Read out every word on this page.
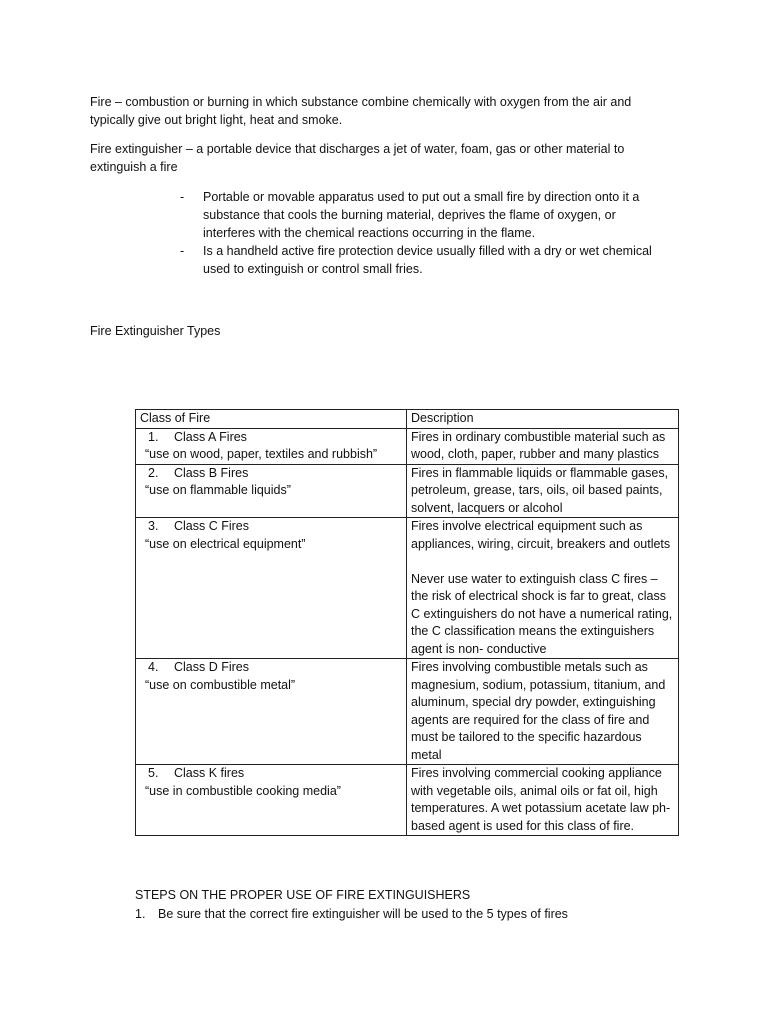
Fire – combustion or burning in which substance combine chemically with oxygen from the air and typically give out bright light, heat and smoke.

Fire extinguisher – a portable device that discharges a jet of water, foam, gas or other material to extinguish a fire

- Portable or movable apparatus used to put out a small fire by direction onto it a substance that cools the burning material, deprives the flame of oxygen, or interferes with the chemical reactions occurring in the flame.
- Is a handheld active fire protection device usually filled with a dry or wet chemical used to extinguish or control small fries.
Fire Extinguisher Types
Class of Fire	Description

1. Class A Fires
“use on wood, paper, textiles and rubbish”	Fires in ordinary combustible material such as wood, cloth, paper, rubber and many plastics

2. Class B Fires
“use on flammable liquids”	Fires in flammable liquids or flammable gases, petroleum, grease, tars, oils, oil based paints, solvent, lacquers or alcohol

3. Class C Fires
“use on electrical equipment”	Fires involve electrical equipment such as appliances, wiring, circuit, breakers and outlets
Never use water to extinguish class C fires – the risk of electrical shock is far to great, class C extinguishers do not have a numerical rating, the C classification means the extinguishers agent is non- conductive

4. Class D Fires
“use on combustible metal”	Fires involving combustible metals such as magnesium, sodium, potassium, titanium, and aluminum, special dry powder, extinguishing agents are required for the class of fire and must be tailored to the specific hazardous metal

5. Class K fires
“use in combustible cooking media”	Fires involving commercial cooking appliance with vegetable oils, animal oils or fat oil, high temperatures. A wet potassium acetate law ph-based agent is used for this class of fire.
STEPS ON THE PROPER USE OF FIRE EXTINGUISHERS
1. Be sure that the correct fire extinguisher will be used to the 5 types of fires
